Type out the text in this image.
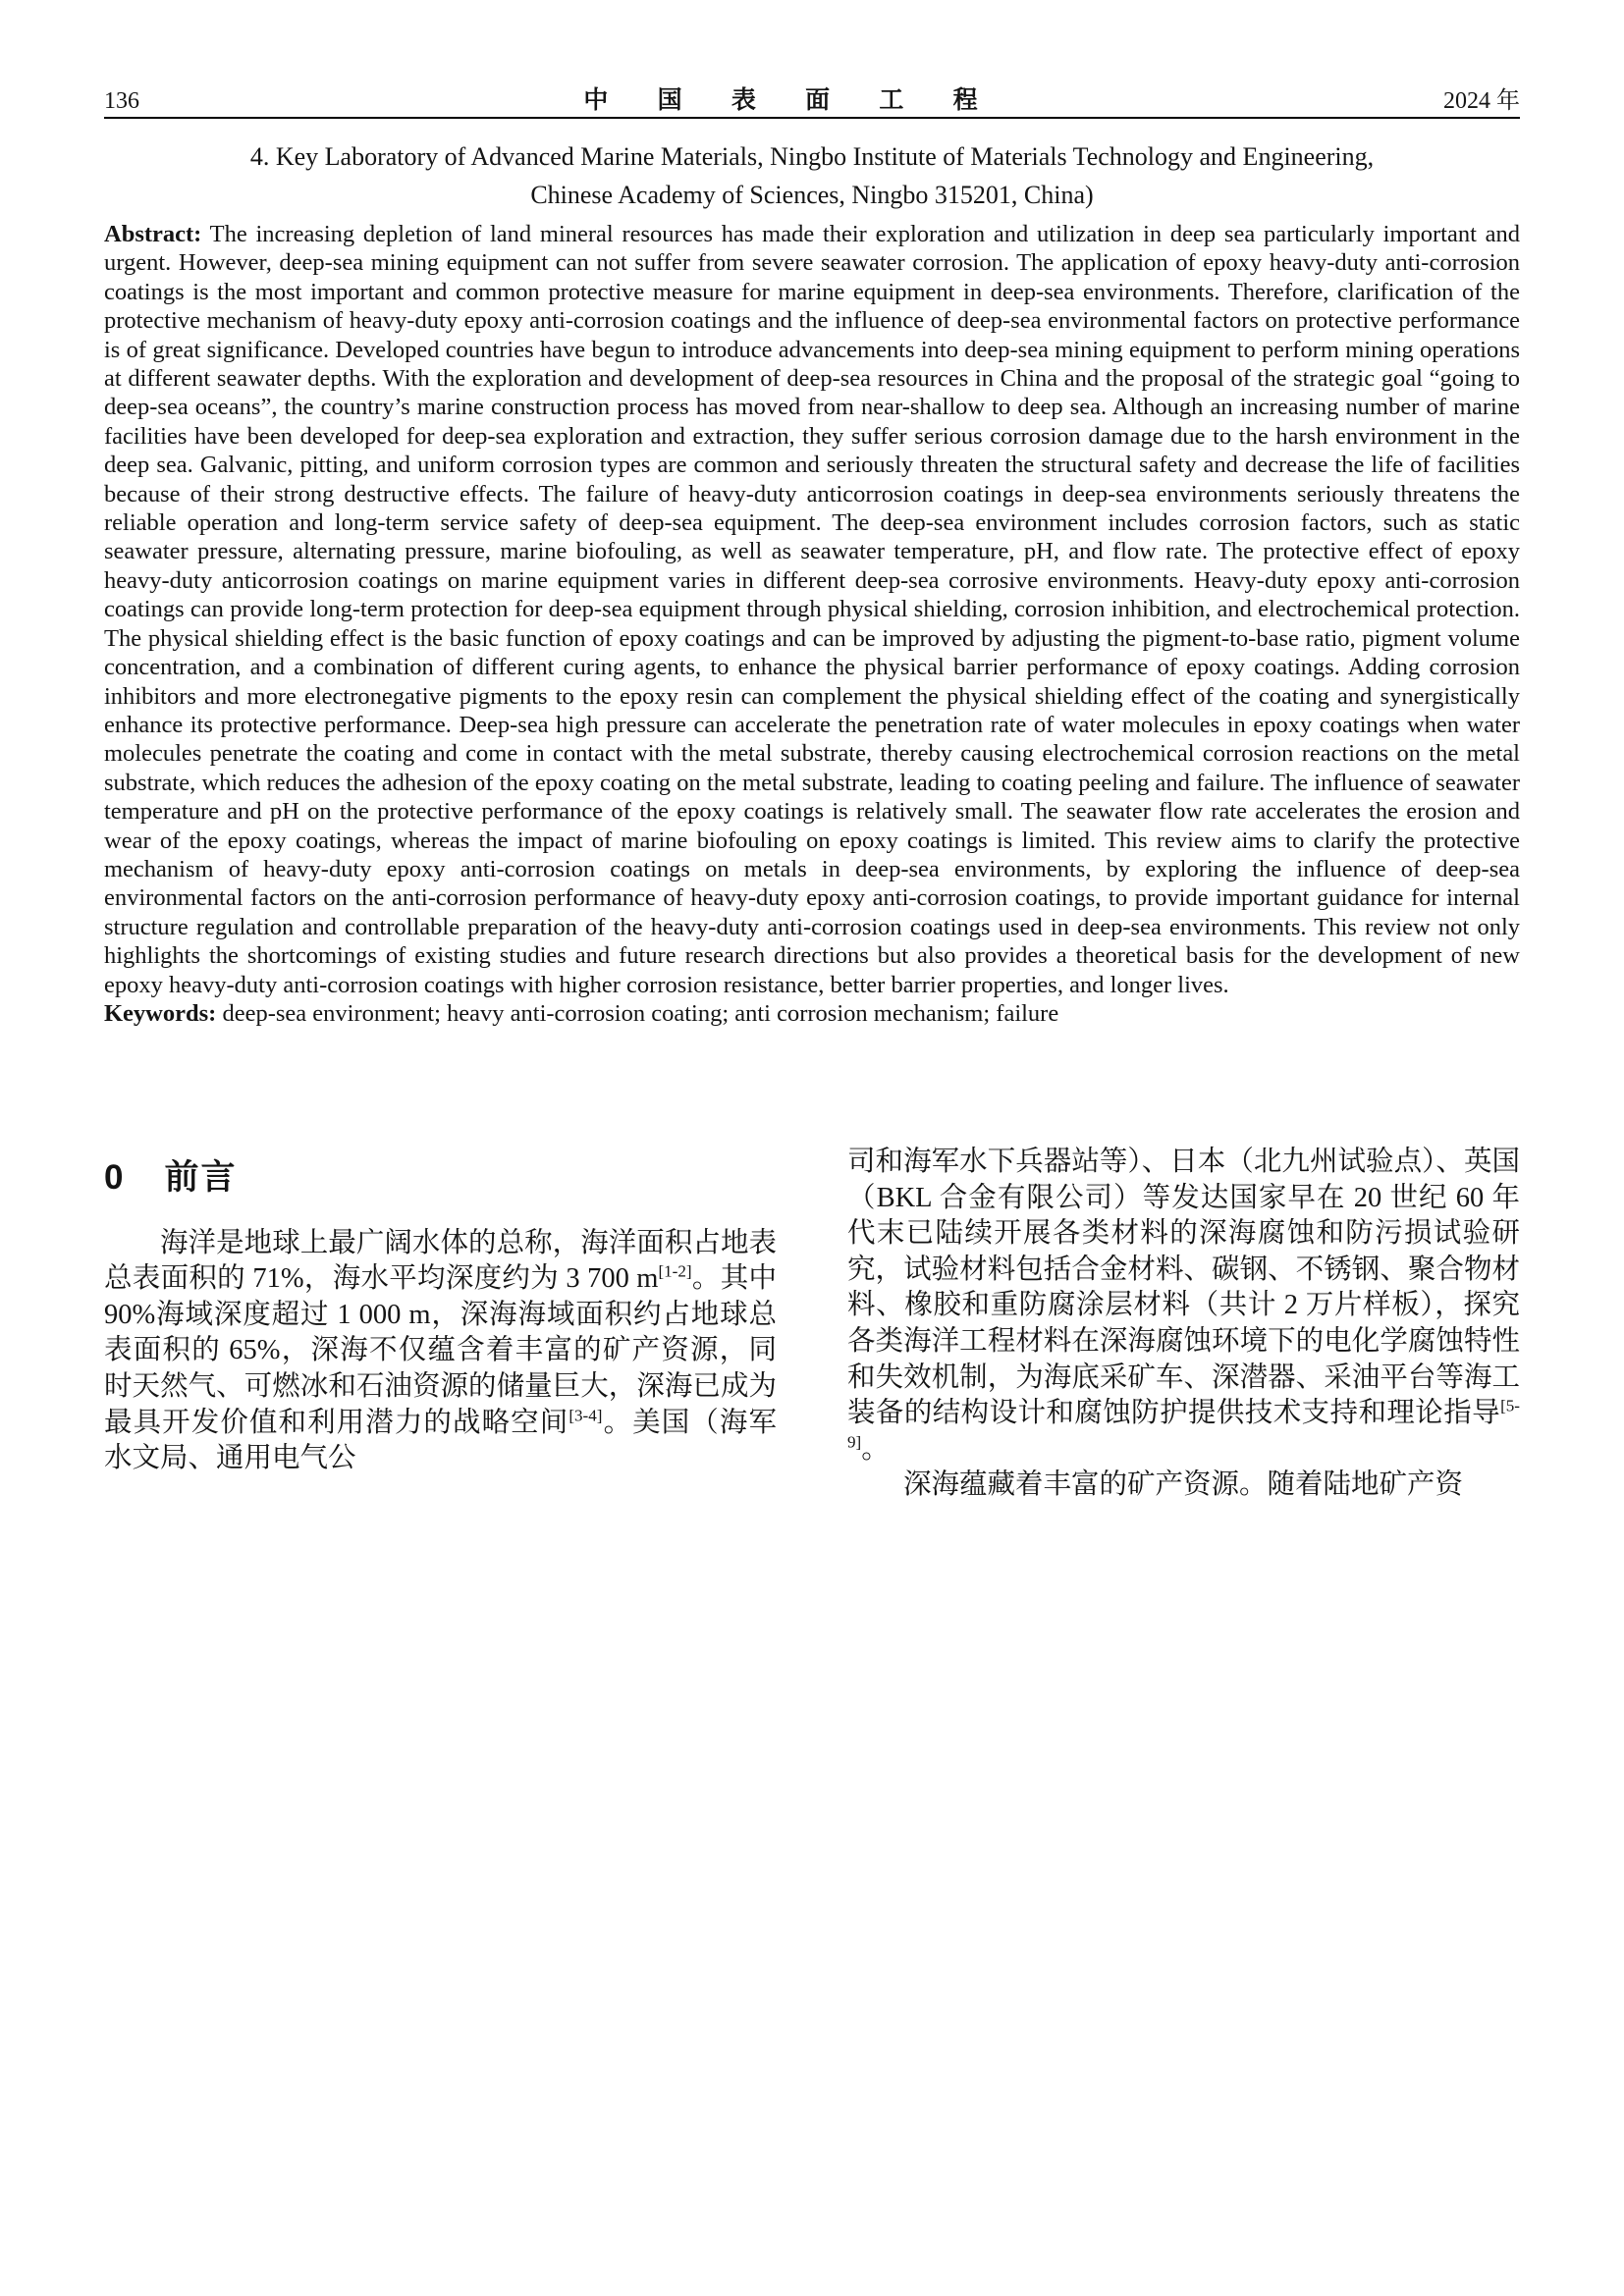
136	中 国 表 面 工 程	2024 年
4. Key Laboratory of Advanced Marine Materials, Ningbo Institute of Materials Technology and Engineering,
Chinese Academy of Sciences, Ningbo 315201, China)

Abstract: The increasing depletion of land mineral resources has made their exploration and utilization in deep sea particularly important and urgent. However, deep-sea mining equipment can not suffer from severe seawater corrosion. The application of epoxy heavy-duty anti-corrosion coatings is the most important and common protective measure for marine equipment in deep-sea environments. Therefore, clarification of the protective mechanism of heavy-duty epoxy anti-corrosion coatings and the influence of deep-sea environmental factors on protective performance is of great significance. Developed countries have begun to introduce advancements into deep-sea mining equipment to perform mining operations at different seawater depths. With the exploration and development of deep-sea resources in China and the proposal of the strategic goal “going to deep-sea oceans”, the country’s marine construction process has moved from near-shallow to deep sea. Although an increasing number of marine facilities have been developed for deep-sea exploration and extraction, they suffer serious corrosion damage due to the harsh environment in the deep sea. Galvanic, pitting, and uniform corrosion types are common and seriously threaten the structural safety and decrease the life of facilities because of their strong destructive effects. The failure of heavy-duty anticorrosion coatings in deep-sea environments seriously threatens the reliable operation and long-term service safety of deep-sea equipment. The deep-sea environment includes corrosion factors, such as static seawater pressure, alternating pressure, marine biofouling, as well as seawater temperature, pH, and flow rate. The protective effect of epoxy heavy-duty anticorrosion coatings on marine equipment varies in different deep-sea corrosive environments. Heavy-duty epoxy anti-corrosion coatings can provide long-term protection for deep-sea equipment through physical shielding, corrosion inhibition, and electrochemical protection. The physical shielding effect is the basic function of epoxy coatings and can be improved by adjusting the pigment-to-base ratio, pigment volume concentration, and a combination of different curing agents, to enhance the physical barrier performance of epoxy coatings. Adding corrosion inhibitors and more electronegative pigments to the epoxy resin can complement the physical shielding effect of the coating and synergistically enhance its protective performance. Deep-sea high pressure can accelerate the penetration rate of water molecules in epoxy coatings when water molecules penetrate the coating and come in contact with the metal substrate, thereby causing electrochemical corrosion reactions on the metal substrate, which reduces the adhesion of the epoxy coating on the metal substrate, leading to coating peeling and failure. The influence of seawater temperature and pH on the protective performance of the epoxy coatings is relatively small. The seawater flow rate accelerates the erosion and wear of the epoxy coatings, whereas the impact of marine biofouling on epoxy coatings is limited. This review aims to clarify the protective mechanism of heavy-duty epoxy anti-corrosion coatings on metals in deep-sea environments, by exploring the influence of deep-sea environmental factors on the anti-corrosion performance of heavy-duty epoxy anti-corrosion coatings, to provide important guidance for internal structure regulation and controllable preparation of the heavy-duty anti-corrosion coatings used in deep-sea environments. This review not only highlights the shortcomings of existing studies and future research directions but also provides a theoretical basis for the development of new epoxy heavy-duty anti-corrosion coatings with higher corrosion resistance, better barrier properties, and longer lives.

Keywords: deep-sea environment; heavy anti-corrosion coating; anti corrosion mechanism; failure

0 前言

海洋是地球上最广阔水体的总称，海洋面积占地表总表面积的 71%，海水平均深度约为 3 700 m[1-2]。其中 90%海域深度超过 1 000 m，深海海域面积约占地球总表面积的 65%，深海不仅蕴含着丰富的矿产资源，同时天然气、可燃冰和石油资源的储量巨大，深海已成为最具开发价值和利用潜力的战略空间[3-4]。美国（海军水文局、通用电气公

司和海军水下兵器站等）、日本（北九州试验点）、英国（BKL 合金有限公司）等发达国家早在 20 世纪 60 年代末已陆续开展各类材料的深海腐蚀和防污损试验研究，试验材料包括合金材料、碳钢、不锈钢、聚合物材料、橡胶和重防腐涂层材料（共计 2 万片样板），探究各类海洋工程材料在深海腐蚀环境下的电化学腐蚀特性和失效机制，为海底采矿车、深潜器、采油平台等海工装备的结构设计和腐蚀防护提供技术支持和理论指导[5-9]。

深海蕴藏着丰富的矿产资源。随着陆地矿产资
